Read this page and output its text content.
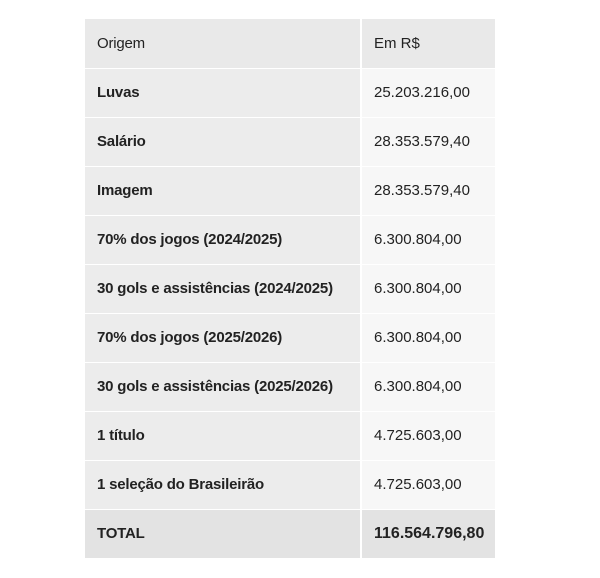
Origem	Em R$
Luvas	25.203.216,00
Salário	28.353.579,40
Imagem	28.353.579,40
70% dos jogos (2024/2025)	6.300.804,00
30 gols e assistências (2024/2025)	6.300.804,00
70% dos jogos (2025/2026)	6.300.804,00
30 gols e assistências (2025/2026)	6.300.804,00
1 título	4.725.603,00
1 seleção do Brasileirão	4.725.603,00
TOTAL	116.564.796,80
